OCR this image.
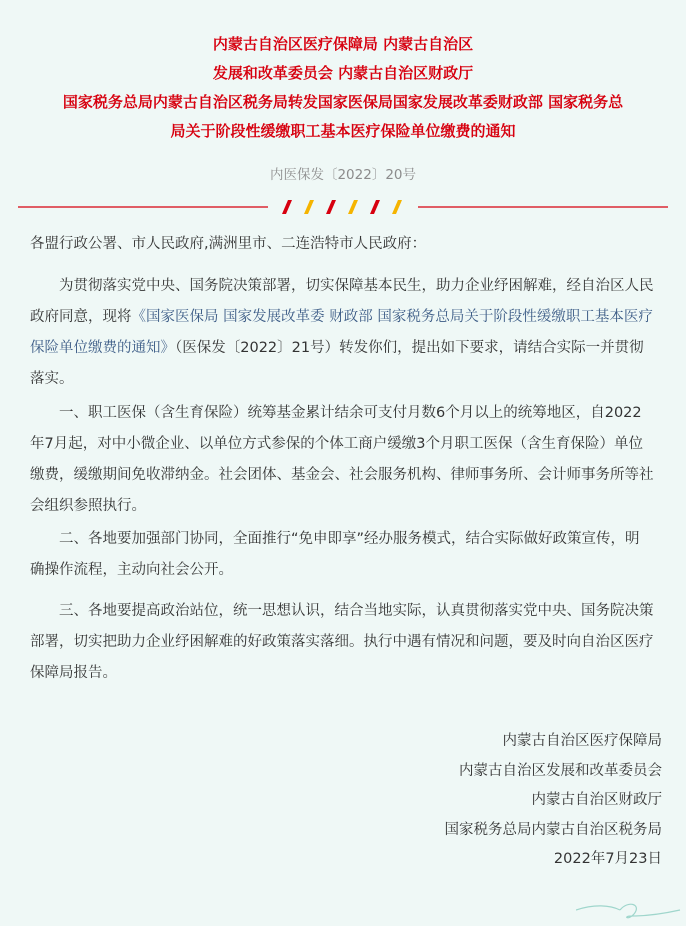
内蒙古自治区医疗保障局 内蒙古自治区
发展和改革委员会 内蒙古自治区财政厅
国家税务总局内蒙古自治区税务局转发国家医保局国家发展改革委财政部 国家税务总
局关于阶段性缓缴职工基本医疗保险单位缴费的通知
内医保发〔2022〕20号
各盟行政公署、市人民政府,满洲里市、二连浩特市人民政府：

为贯彻落实党中央、国务院决策部署，切实保障基本民生，助力企业纾困解难，经自治区人民政府同意，现将《国家医保局 国家发展改革委 财政部 国家税务总局关于阶段性缓缴职工基本医疗保险单位缴费的通知》（医保发〔2022〕21号）转发你们，提出如下要求，请结合实际一并贯彻落实。

一、职工医保（含生育保险）统筹基金累计结余可支付月数6个月以上的统筹地区，自2022年7月起，对中小微企业、以单位方式参保的个体工商户缓缴3个月职工医保（含生育保险）单位缴费，缓缴期间免收滞纳金。社会团体、基金会、社会服务机构、律师事务所、会计师事务所等社会组织参照执行。

二、各地要加强部门协同，全面推行“免申即享”经办服务模式，结合实际做好政策宣传，明确操作流程，主动向社会公开。

三、各地要提高政治站位，统一思想认识，结合当地实际，认真贯彻落实党中央、国务院决策部署，切实把助力企业纾困解难的好政策落实落细。执行中遇有情况和问题，要及时向自治区医疗保障局报告。

内蒙古自治区医疗保障局
内蒙古自治区发展和改革委员会
内蒙古自治区财政厅
国家税务总局内蒙古自治区税务局
2022年7月23日
